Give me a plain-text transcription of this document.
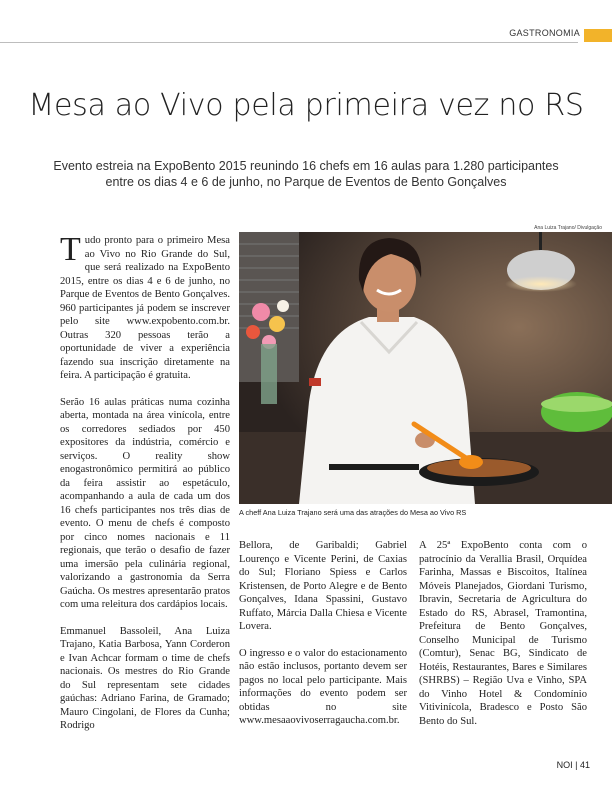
GASTRONOMIA
Mesa ao Vivo pela primeira vez no RS
Evento estreia na ExpoBento 2015 reunindo 16 chefs em 16 aulas para 1.280 participantes entre os dias 4 e 6 de junho, no Parque de Eventos de Bento Gonçalves
Ana Luiza Trajano/ Divulgação
A cheff Ana Luiza Trajano será uma das atrações do Mesa ao Vivo RS

Tudo pronto para o primeiro Mesa ao Vivo no Rio Grande do Sul, que será realizado na ExpoBento 2015, entre os dias 4 e 6 de junho, no Parque de Eventos de Bento Gonçalves. 960 participantes já podem se inscrever pelo site www.expobento.com.br. Outras 320 pessoas terão a oportunidade de viver a experiência fazendo sua inscrição diretamente na feira. A participação é gratuita.

Serão 16 aulas práticas numa cozinha aberta, montada na área vinícola, entre os corredores sediados por 450 expositores da indústria, comércio e serviços. O reality show enogastronômico permitirá ao público da feira assistir ao espetáculo, acompanhando a aula de cada um dos 16 chefs participantes nos três dias de evento. O menu de chefs é composto por cinco nomes nacionais e 11 regionais, que terão o desafio de fazer uma imersão pela culinária regional, valorizando a gastronomia da Serra Gaúcha. Os mestres apresentarão pratos com uma releitura dos cardápios locais.

Emmanuel Bassoleil, Ana Luiza Trajano, Katia Barbosa, Yann Corderon e Ivan Achcar formam o time de chefs nacionais. Os mestres do Rio Grande do Sul representam sete cidades gaúchas: Adriano Farina, de Gramado; Mauro Cingolani, de Flores da Cunha; Rodrigo

Bellora, de Garibaldi; Gabriel Lourenço e Vicente Perini, de Caxias do Sul; Floriano Spiess e Carlos Kristensen, de Porto Alegre e de Bento Gonçalves, Idana Spassini, Gustavo Ruffato, Márcia Dalla Chiesa e Vicente Lovera.

O ingresso e o valor do estacionamento não estão inclusos, portanto devem ser pagos no local pelo participante. Mais informações do evento podem ser obtidas no site www.mesaaovivoserragaucha.com.br.

A 25ª ExpoBento conta com o patrocínio da Verallia Brasil, Orquídea Farinha, Massas e Biscoitos, Italínea Móveis Planejados, Giordani Turismo, Ibravin, Secretaria de Agricultura do Estado do RS, Abrasel, Tramontina, Prefeitura de Bento Gonçalves, Conselho Municipal de Turismo (Comtur), Senac BG, Sindicato de Hotéis, Restaurantes, Bares e Similares (SHRBS) – Região Uva e Vinho, SPA do Vinho Hotel & Condomínio Vitivinícola, Bradesco e Posto São Bento do Sul.

NOI | 41
